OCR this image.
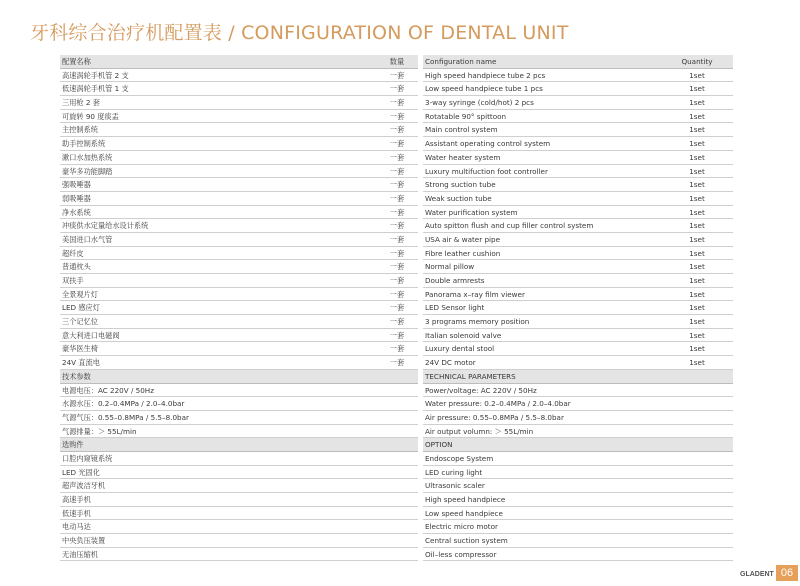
牙科综合治疗机配置表 / CONFIGURATION OF DENTAL UNIT
配置名称	数量
高速涡轮手机管 2 支	一套
低速涡轮手机管 1 支	一套
三用枪 2 套	一套
可旋转 90 度痰盂	一套
主控制系统	一套
助手控制系统	一套
漱口水加热系统	一套
豪华多功能脚踏	一套
强吸唾器	一套
弱吸唾器	一套
净水系统	一套
冲痰供水定量给水设计系统	一套
美国进口水气管	一套
超纤皮	一套
普通枕头	一套
双扶手	一套
全景观片灯	一套
LED 感应灯	一套
三个记忆位	一套
意大利进口电磁阀	一套
豪华医生椅	一套
24V 直流电	一套
技术参数
电源电压：AC 220V / 50Hz
水源水压：0.2–0.4MPa / 2.0–4.0bar
气源气压：0.55–0.8MPa / 5.5–8.0bar
气源排量：＞ 55L/min
选购件
口腔内窥镜系统
LED 光固化
超声波洁牙机
高速手机
低速手机
电动马达
中央负压装置
无油压缩机
Configuration name	Quantity
High speed handpiece tube 2 pcs	1set
Low speed handpiece tube 1 pcs	1set
3-way syringe (cold/hot) 2 pcs	1set
Rotatable 90° spittoon	1set
Main control system	1set
Assistant operating control system	1set
Water heater system	1set
Luxury multifuction foot controller	1set
Strong suction tube	1set
Weak suction tube	1set
Water purification system	1set
Auto spitton flush and cup filler control system	1set
USA air & water pipe	1set
Fibre leather cushion	1set
Normal pillow	1set
Double armrests	1set
Panorama x–ray film viewer	1set
LED Sensor light	1set
3 programs memory position	1set
Italian solenoid valve	1set
Luxury dental stool	1set
24V DC motor	1set
TECHNICAL PARAMETERS
Power/voltage: AC 220V / 50Hz
Water pressure: 0.2–0.4MPa / 2.0–4.0bar
Air pressure: 0.55–0.8MPa / 5.5–8.0bar
Air output volumn: ＞ 55L/min
OPTION
Endoscope System
LED curing light
Ultrasonic scaler
High speed handpiece
Low speed handpiece
Electric micro motor
Central suction system
Oil–less compressor
GLADENT 06
